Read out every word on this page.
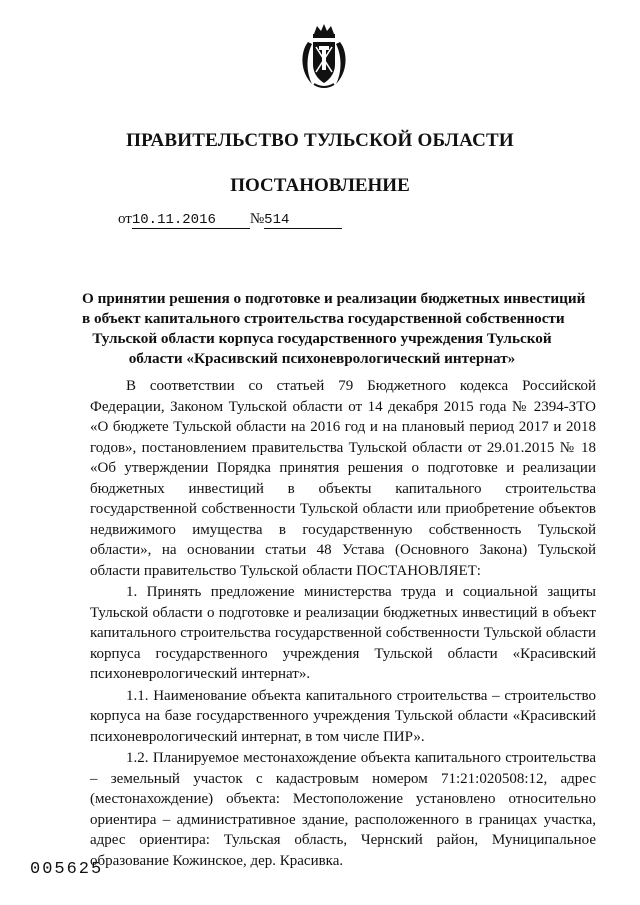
ПРАВИТЕЛЬСТВО ТУЛЬСКОЙ ОБЛАСТИ
ПОСТАНОВЛЕНИЕ
от10.11.2016 №514
О принятии решения о подготовке и реализации бюджетных инвестиций
в объект капитального строительства государственной собственности
Тульской области корпуса государственного учреждения Тульской
области «Красивский психоневрологический интернат»

В соответствии со статьей 79 Бюджетного кодекса Российской Федерации, Законом Тульской области от 14 декабря 2015 года № 2394-ЗТО «О бюджете Тульской области на 2016 год и на плановый период 2017 и 2018 годов», постановлением правительства Тульской области от 29.01.2015 № 18 «Об утверждении Порядка принятия решения о подготовке и реализации бюджетных инвестиций в объекты капитального строительства государственной собственности Тульской области или приобретение объектов недвижимого имущества в государственную собственность Тульской области», на основании статьи 48 Устава (Основного Закона) Тульской области правительство Тульской области ПОСТАНОВЛЯЕТ:

1. Принять предложение министерства труда и социальной защиты Тульской области о подготовке и реализации бюджетных инвестиций в объект капитального строительства государственной собственности Тульской области корпуса государственного учреждения Тульской области «Красивский психоневрологический интернат».

1.1. Наименование объекта капитального строительства – строительство корпуса на базе государственного учреждения Тульской области «Красивский психоневрологический интернат, в том числе ПИР».

1.2. Планируемое местонахождение объекта капитального строительства – земельный участок с кадастровым номером 71:21:020508:12, адрес (местонахождение) объекта: Местоположение установлено относительно ориентира – административное здание, расположенного в границах участка, адрес ориентира: Тульская область, Чернский район, Муниципальное образование Кожинское, дер. Красивка.

005625
